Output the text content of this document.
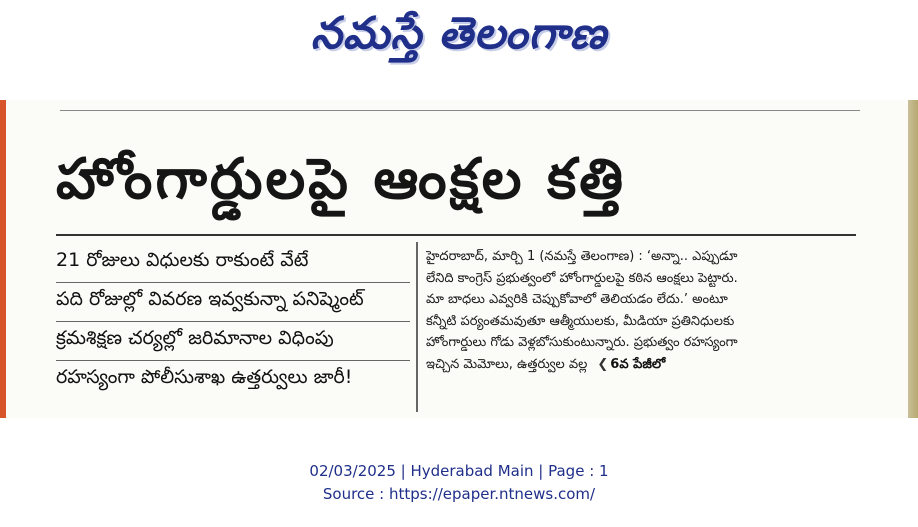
నమస్తే తెలంగాణ
హోంగార్డులపై ఆంక్షల కత్తి
21 రోజులు విధులకు రాకుంటే వేటే
పది రోజుల్లో వివరణ ఇవ్వకున్నా పనిష్మెంట్
క్రమశిక్షణ చర్యల్లో జరిమానాల విధింపు
రహస్యంగా పోలీసుశాఖ ఉత్తర్వులు జారీ!
హైదరాబాద్, మార్చి 1 (నమస్తే తెలంగాణ) : ‘అన్నా.. ఎప్పుడూ
లేనిది కాంగ్రెస్ ప్రభుత్వంలో హోంగార్డులపై కఠిన ఆంక్షలు పెట్టారు.
మా బాధలు ఎవ్వరికి చెప్పుకోవాలో తెలియడం లేదు.’ అంటూ
కన్నీటి పర్యంతమవుతూ ఆత్మీయులకు, మీడియా ప్రతినిధులకు
హోంగార్డులు గోడు వెళ్లబోసుకుంటున్నారు. ప్రభుత్వం రహస్యంగా
ఇచ్చిన మెమోలు, ఉత్తర్వుల వల్ల ❮ 6వ పేజీలో
02/03/2025 | Hyderabad Main | Page : 1
Source : https://epaper.ntnews.com/
